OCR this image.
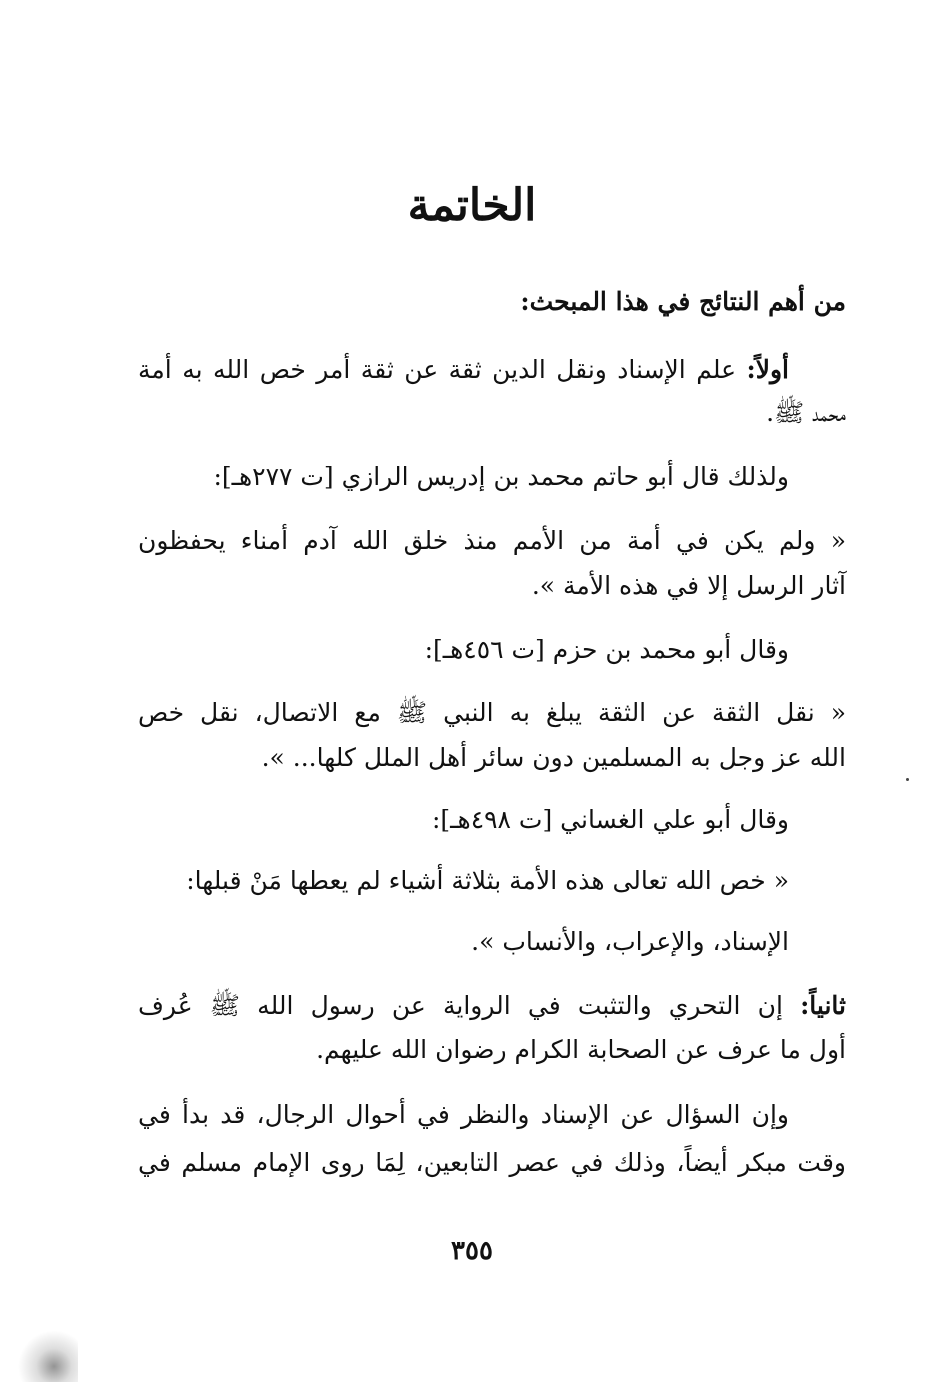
الخاتمة
من أهم النتائج في هذا المبحث:
أولاً: علم الإسناد ونقل الدين ثقة عن ثقة أمر خص الله به أمة
محمد ﷺ.
ولذلك قال أبو حاتم محمد بن إدريس الرازي [ت ٢٧٧هـ]:
« ولم يكن في أمة من الأمم منذ خلق الله آدم أمناء يحفظون
آثار الرسل إلا في هذه الأمة ».
وقال أبو محمد بن حزم [ت ٤٥٦هـ]:
« نقل الثقة عن الثقة يبلغ به النبي ﷺ مع الاتصال، نقل خص
الله عز وجل به المسلمين دون سائر أهل الملل كلها... ».
وقال أبو علي الغساني [ت ٤٩٨هـ]:
« خص الله تعالى هذه الأمة بثلاثة أشياء لم يعطها مَنْ قبلها:
الإسناد، والإعراب، والأنساب ».
ثانياً: إن التحري والتثبت في الرواية عن رسول الله ﷺ عُرف
أول ما عرف عن الصحابة الكرام رضوان الله عليهم.
وإن السؤال عن الإسناد والنظر في أحوال الرجال، قد بدأ في
وقت مبكر أيضاً، وذلك في عصر التابعين، لِمَا روى الإمام مسلم في
٣٥٥
